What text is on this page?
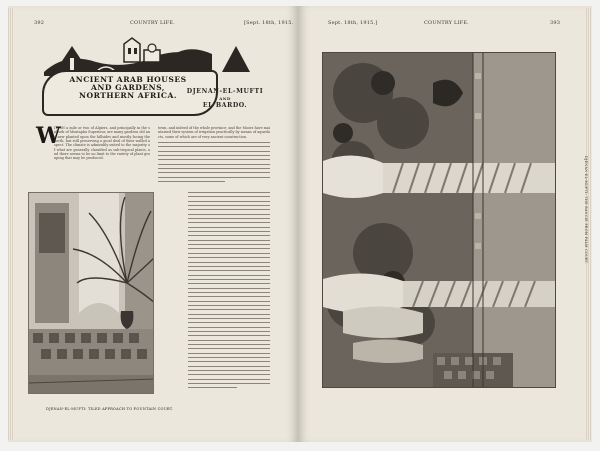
392	COUNTRY LIFE.	[Sept. 18th, 1915.
ANCIENT ARAB HOUSES
AND GARDENS,
NORTHERN AFRICA.	DJENAN-EL-MUFTI
AND
EL BARDO.
W
ITHIN a mile or two of Algiers, and principally in the suburb of Mustapha Superieur, are many gardens old and new planted upon the hillsides and mostly facing the north, but still preserving a good deal of their walled aspect. The climate is admirably suited to the majority of what are generally classified as sub-tropical plants, and there seems to be no limit to the variety of plant grouping that may be produced.
town, and indeed of the whole province; and the Moors have maintained their system of irrigation practically by means of aqueducts, some of which are of very ancient construction.
DJENAN-EL-MUFTI: TILED APPROACH TO FOUNTAIN COURT.
Sept. 18th, 1915.]	COUNTRY LIFE.	393
DJENAN-EL-MUFTI: THE BANCIE FROM PALM COURT.
